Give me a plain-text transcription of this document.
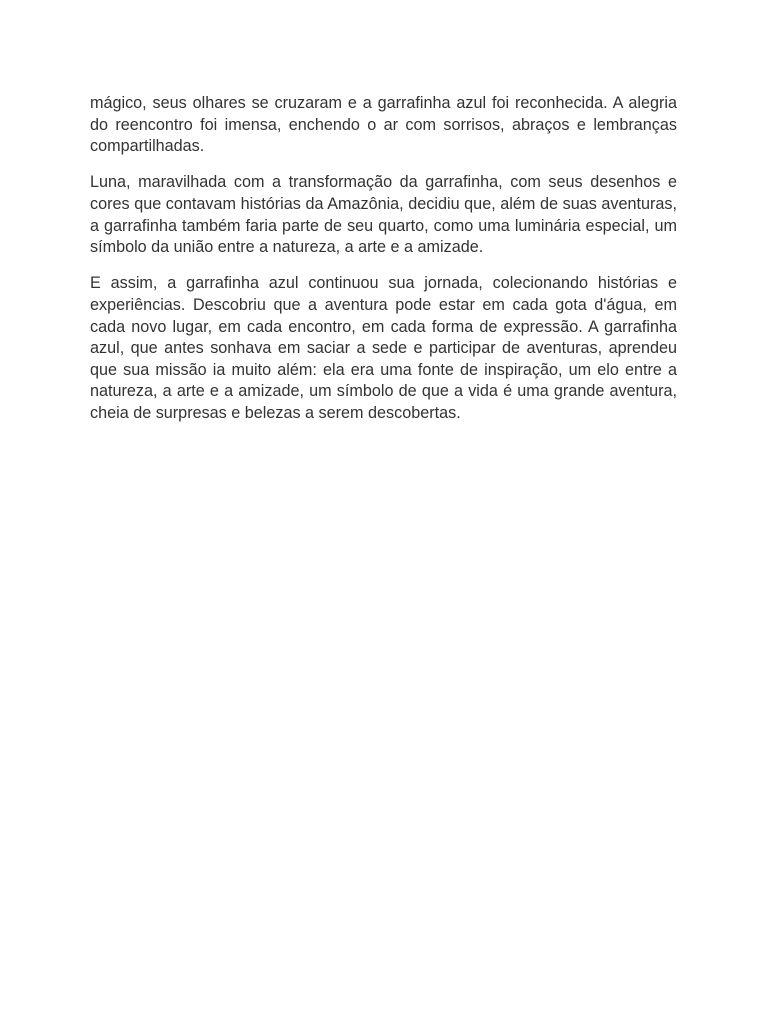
mágico, seus olhares se cruzaram e a garrafinha azul foi reconhecida. A alegria do reencontro foi imensa, enchendo o ar com sorrisos, abraços e lembranças compartilhadas.

Luna, maravilhada com a transformação da garrafinha, com seus desenhos e cores que contavam histórias da Amazônia, decidiu que, além de suas aventuras, a garrafinha também faria parte de seu quarto, como uma luminária especial, um símbolo da união entre a natureza, a arte e a amizade.

E assim, a garrafinha azul continuou sua jornada, colecionando histórias e experiências. Descobriu que a aventura pode estar em cada gota d'água, em cada novo lugar, em cada encontro, em cada forma de expressão. A garrafinha azul, que antes sonhava em saciar a sede e participar de aventuras, aprendeu que sua missão ia muito além: ela era uma fonte de inspiração, um elo entre a natureza, a arte e a amizade, um símbolo de que a vida é uma grande aventura, cheia de surpresas e belezas a serem descobertas.
